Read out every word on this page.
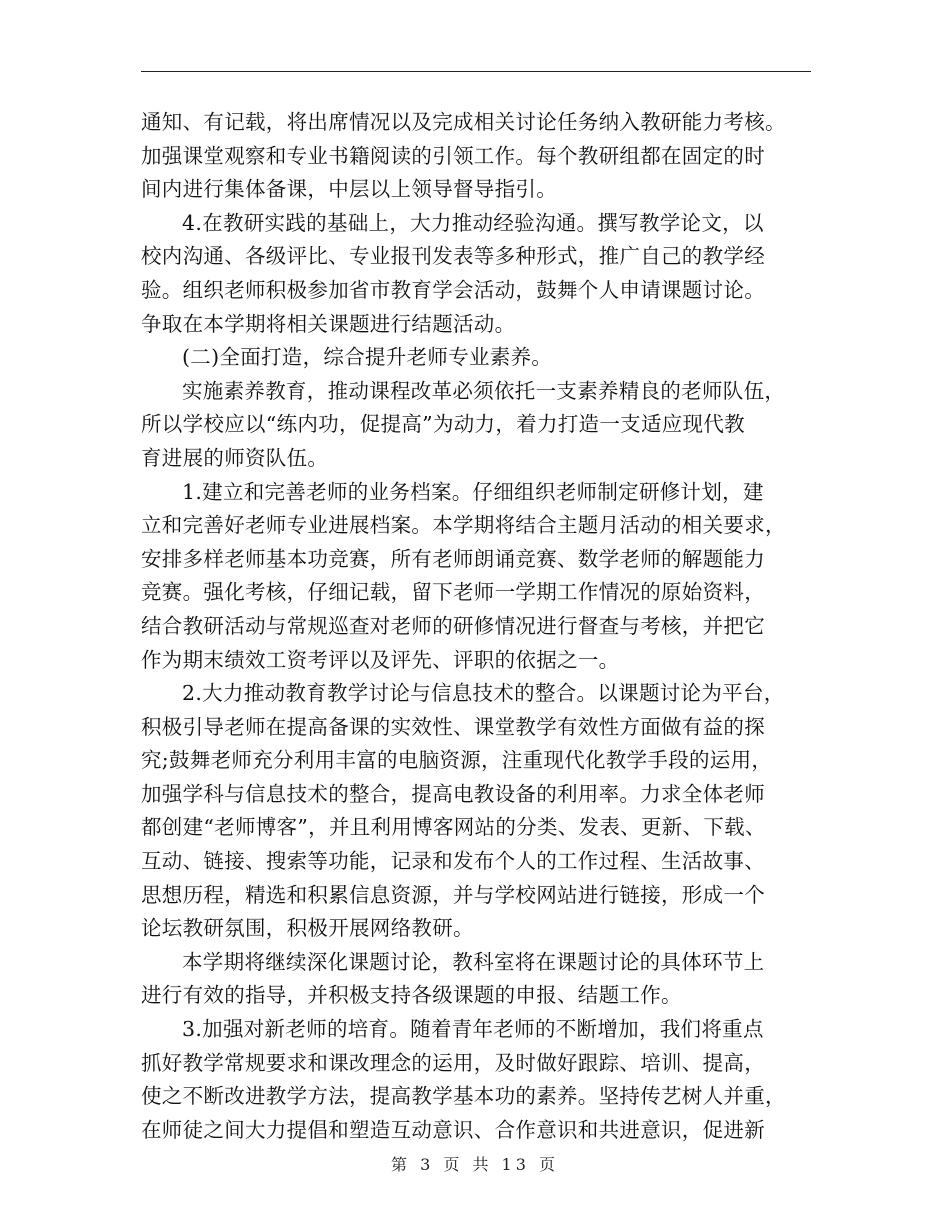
通知、有记载，将出席情况以及完成相关讨论任务纳入教研能力考核。
加强课堂观察和专业书籍阅读的引领工作。每个教研组都在固定的时
间内进行集体备课，中层以上领导督导指引。
4.在教研实践的基础上，大力推动经验沟通。撰写教学论文，以
校内沟通、各级评比、专业报刊发表等多种形式，推广自己的教学经
验。组织老师积极参加省市教育学会活动，鼓舞个人申请课题讨论。
争取在本学期将相关课题进行结题活动。
(二)全面打造，综合提升老师专业素养。
实施素养教育，推动课程改革必须依托一支素养精良的老师队伍，
所以学校应以“练内功，促提高”为动力，着力打造一支适应现代教
育进展的师资队伍。
1.建立和完善老师的业务档案。仔细组织老师制定研修计划，建
立和完善好老师专业进展档案。本学期将结合主题月活动的相关要求，
安排多样老师基本功竞赛，所有老师朗诵竞赛、数学老师的解题能力
竞赛。强化考核，仔细记载，留下老师一学期工作情况的原始资料，
结合教研活动与常规巡查对老师的研修情况进行督查与考核，并把它
作为期末绩效工资考评以及评先、评职的依据之一。
2.大力推动教育教学讨论与信息技术的整合。以课题讨论为平台，
积极引导老师在提高备课的实效性、课堂教学有效性方面做有益的探
究;鼓舞老师充分利用丰富的电脑资源，注重现代化教学手段的运用，
加强学科与信息技术的整合，提高电教设备的利用率。力求全体老师
都创建“老师博客”，并且利用博客网站的分类、发表、更新、下载、
互动、链接、搜索等功能，记录和发布个人的工作过程、生活故事、
思想历程，精选和积累信息资源，并与学校网站进行链接，形成一个
论坛教研氛围，积极开展网络教研。
本学期将继续深化课题讨论，教科室将在课题讨论的具体环节上
进行有效的指导，并积极支持各级课题的申报、结题工作。
3.加强对新老师的培育。随着青年老师的不断增加，我们将重点
抓好教学常规要求和课改理念的运用，及时做好跟踪、培训、提高，
使之不断改进教学方法，提高教学基本功的素养。坚持传艺树人并重，
在师徒之间大力提倡和塑造互动意识、合作意识和共进意识，促进新
第 3 页 共 13 页
